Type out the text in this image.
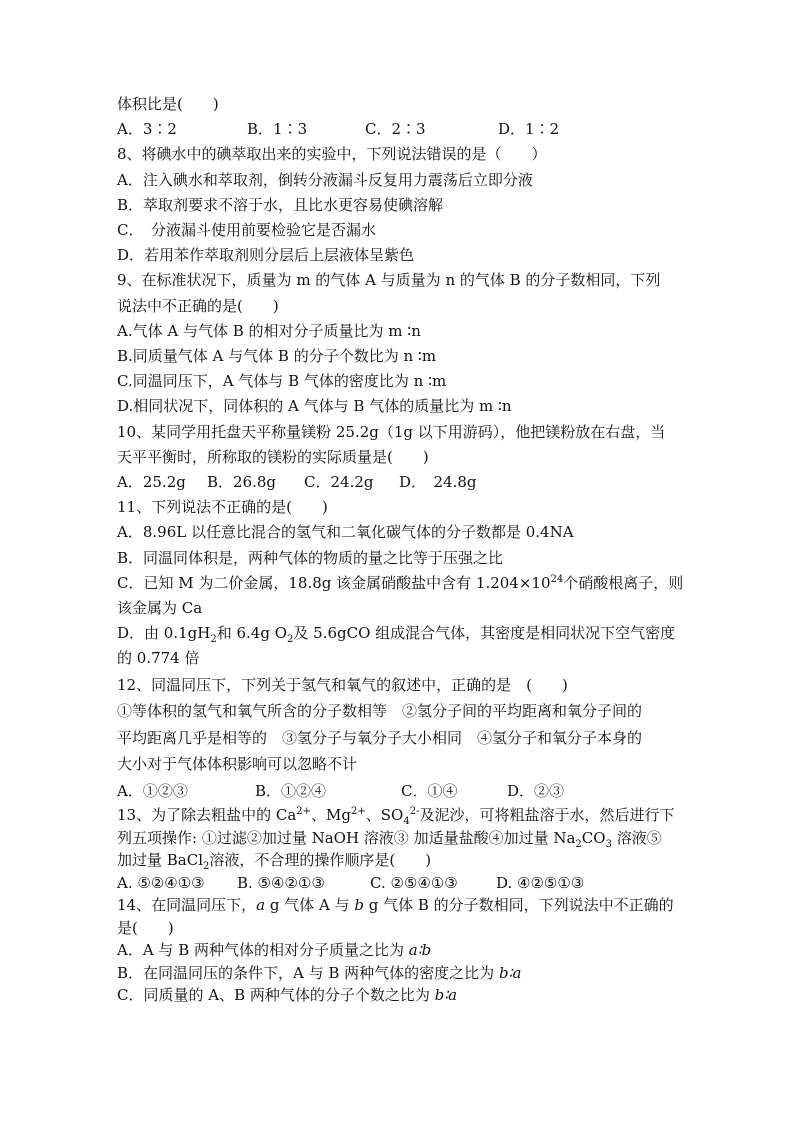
体积比是(　　)
A．3∶2	B．1∶3	C．2∶3	D．1∶2
8、将碘水中的碘萃取出来的实验中，下列说法错误的是（　　）
A．注入碘水和萃取剂，倒转分液漏斗反复用力震荡后立即分液
B．萃取剂要求不溶于水，且比水更容易使碘溶解
C．　分液漏斗使用前要检验它是否漏水
D．若用苯作萃取剂则分层后上层液体呈紫色
9、在标准状况下，质量为 m 的气体 A 与质量为 n 的气体 B 的分子数相同，下列
说法中不正确的是(　　)
A.气体 A 与气体 B 的相对分子质量比为 m ∶n
B.同质量气体 A 与气体 B 的分子个数比为 n ∶m
C.同温同压下，A 气体与 B 气体的密度比为 n ∶m
D.相同状况下，同体积的 A 气体与 B 气体的质量比为 m ∶n
10、某同学用托盘天平称量镁粉 25.2g（1g 以下用游码），他把镁粉放在右盘，当
天平平衡时，所称取的镁粉的实际质量是(　　)
A．25.2g	B．26.8g	C．24.2g	D．　24.8g
11、下列说法不正确的是(　　)
A．8.96L 以任意比混合的氢气和二氧化碳气体的分子数都是 0.4NA
B．同温同体积是，两种气体的物质的量之比等于压强之比
C．已知 M 为二价金属，18.8g 该金属硝酸盐中含有 $1.204\times 10^{24}$个硝酸根离子，则
该金属为 Ca
D．由 $0.1gH_2$和 6.4g $O_2$及 5.6gCO 组成混合气体，其密度是相同状况下空气密度
的 0.774 倍
12、同温同压下，下列关于氢气和氧气的叙述中，正确的是　(　　)
①等体积的氢气和氧气所含的分子数相等　②氢分子间的平均距离和氧分子间的
平均距离几乎是相等的　③氢分子与氧分子大小相同　④氢分子和氧分子本身的
大小对于气体体积影响可以忽略不计
A．①②③	B．①②④	C．①④	D．②③
13、为了除去粗盐中的 $Ca^{2+}$、$Mg^{2+}$、$SO_4^{2-}$及泥沙，可将粗盐溶于水，然后进行下
列五项操作: ①过滤②加过量 NaOH 溶液③ 加适量盐酸④加过量 $Na_2CO_3$ 溶液⑤
加过量 BaCl$_2$溶液，不合理的操作顺序是(　　)
A. ⑤②④①③	B. ⑤④②①③	C. ②⑤④①③	D. ④②⑤①③
14、在同温同压下，a g 气体 A 与 b g 气体 B 的分子数相同，下列说法中不正确的
是(　　)
A．A 与 B 两种气体的相对分子质量之比为 a∶b
B．在同温同压的条件下，A 与 B 两种气体的密度之比为 b∶a
C．同质量的 A、B 两种气体的分子个数之比为 b∶a
